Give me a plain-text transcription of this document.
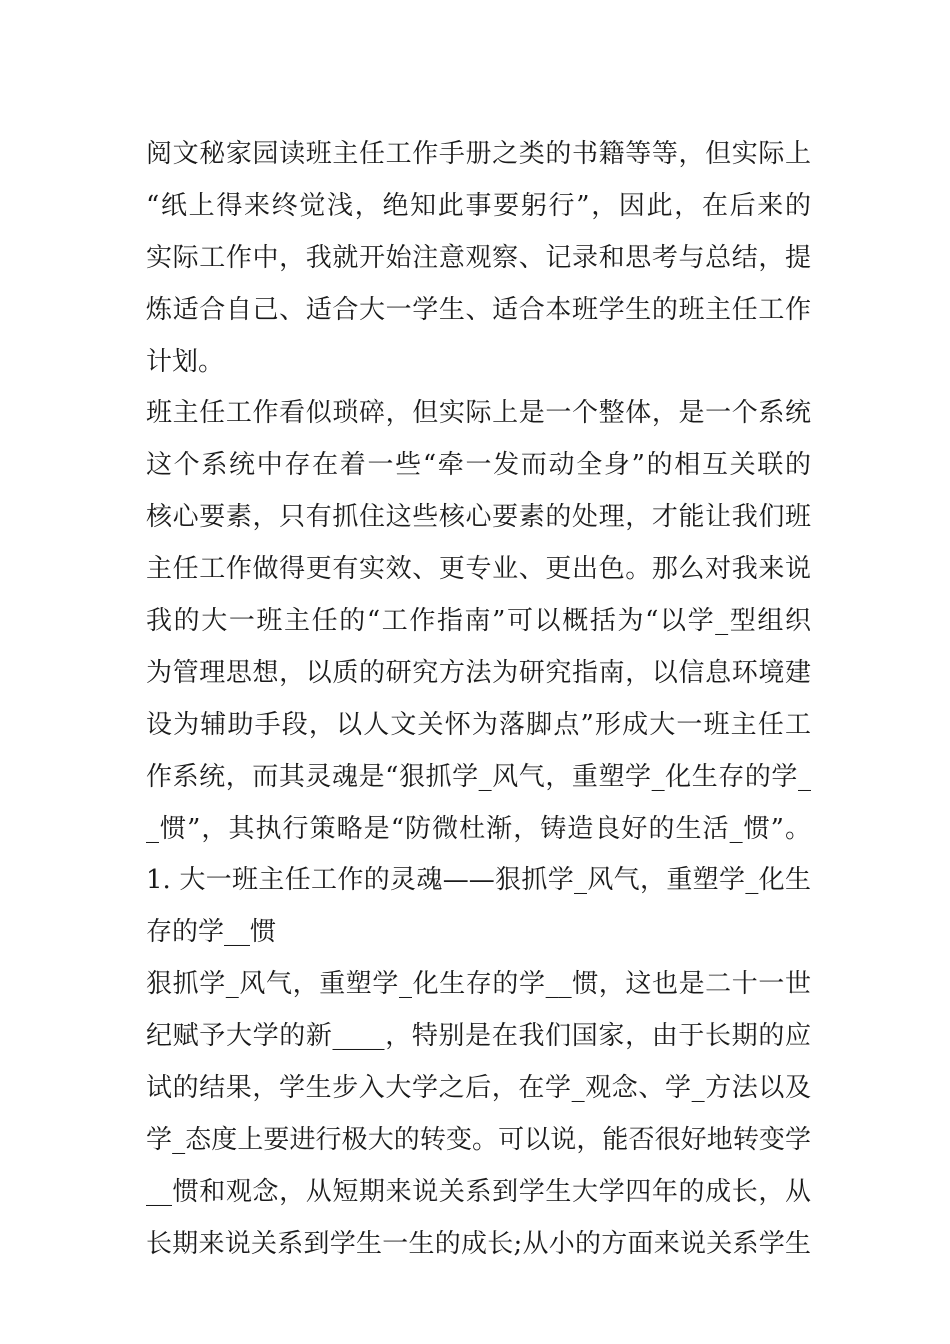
阅文秘家园读班主任工作手册之类的书籍等等，但实际上
“纸上得来终觉浅，绝知此事要躬行”，因此，在后来的
实际工作中，我就开始注意观察、记录和思考与总结，提
炼适合自己、适合大一学生、适合本班学生的班主任工作
计划。
班主任工作看似琐碎，但实际上是一个整体，是一个系统
这个系统中存在着一些“牵一发而动全身”的相互关联的
核心要素，只有抓住这些核心要素的处理，才能让我们班
主任工作做得更有实效、更专业、更出色。那么对我来说
我的大一班主任的“工作指南”可以概括为“以学_型组织
为管理思想，以质的研究方法为研究指南，以信息环境建
设为辅助手段，以人文关怀为落脚点”形成大一班主任工
作系统，而其灵魂是“狠抓学_风气，重塑学_化生存的学_
_惯”，其执行策略是“防微杜渐，铸造良好的生活_惯”。
1. 大一班主任工作的灵魂——狠抓学_风气，重塑学_化生
存的学__惯
狠抓学_风气，重塑学_化生存的学__惯，这也是二十一世
纪赋予大学的新____，特别是在我们国家，由于长期的应
试的结果，学生步入大学之后，在学_观念、学_方法以及
学_态度上要进行极大的转变。可以说，能否很好地转变学
__惯和观念，从短期来说关系到学生大学四年的成长，从
长期来说关系到学生一生的成长;从小的方面来说关系学生
